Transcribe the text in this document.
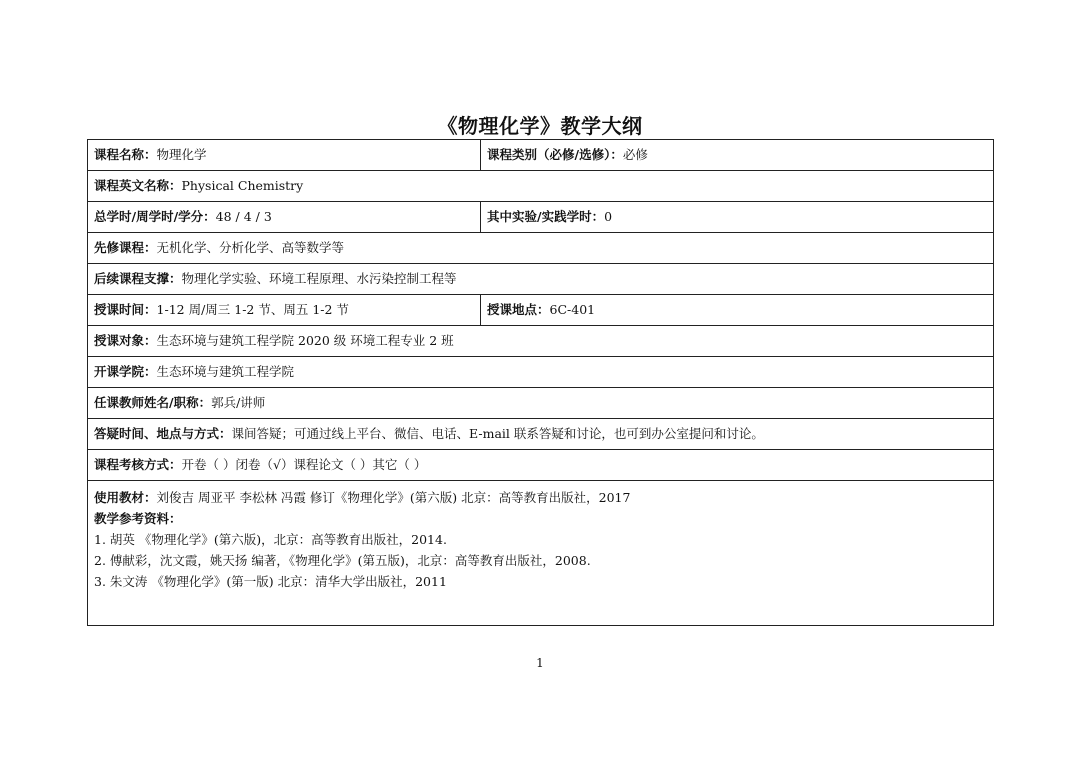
《物理化学》教学大纲
课程名称：物理化学	课程类别（必修/选修）：必修
课程英文名称：Physical Chemistry	
总学时/周学时/学分：48 / 4 / 3	其中实验/实践学时：0
先修课程：无机化学、分析化学、高等数学等	
后续课程支撑：物理化学实验、环境工程原理、水污染控制工程等	
授课时间：1-12 周/周三 1-2 节、周五 1-2 节	授课地点：6C-401
授课对象：生态环境与建筑工程学院 2020 级 环境工程专业 2 班	
开课学院：生态环境与建筑工程学院	
任课教师姓名/职称：郭兵/讲师	
答疑时间、地点与方式：课间答疑；可通过线上平台、微信、电话、E-mail 联系答疑和讨论，也可到办公室提问和讨论。	
课程考核方式：开卷（ ）闭卷（√）课程论文（ ）其它（ ）	

使用教材：刘俊吉 周亚平 李松林 冯霞 修订《物理化学》(第六版) 北京：高等教育出版社，2017
教学参考资料：
1. 胡英 《物理化学》(第六版)，北京：高等教育出版社，2014.
2. 傅献彩，沈文霞，姚天扬 编著，《物理化学》(第五版)，北京：高等教育出版社，2008.
3. 朱文涛 《物理化学》(第一版) 北京：清华大学出版社，2011	
1
